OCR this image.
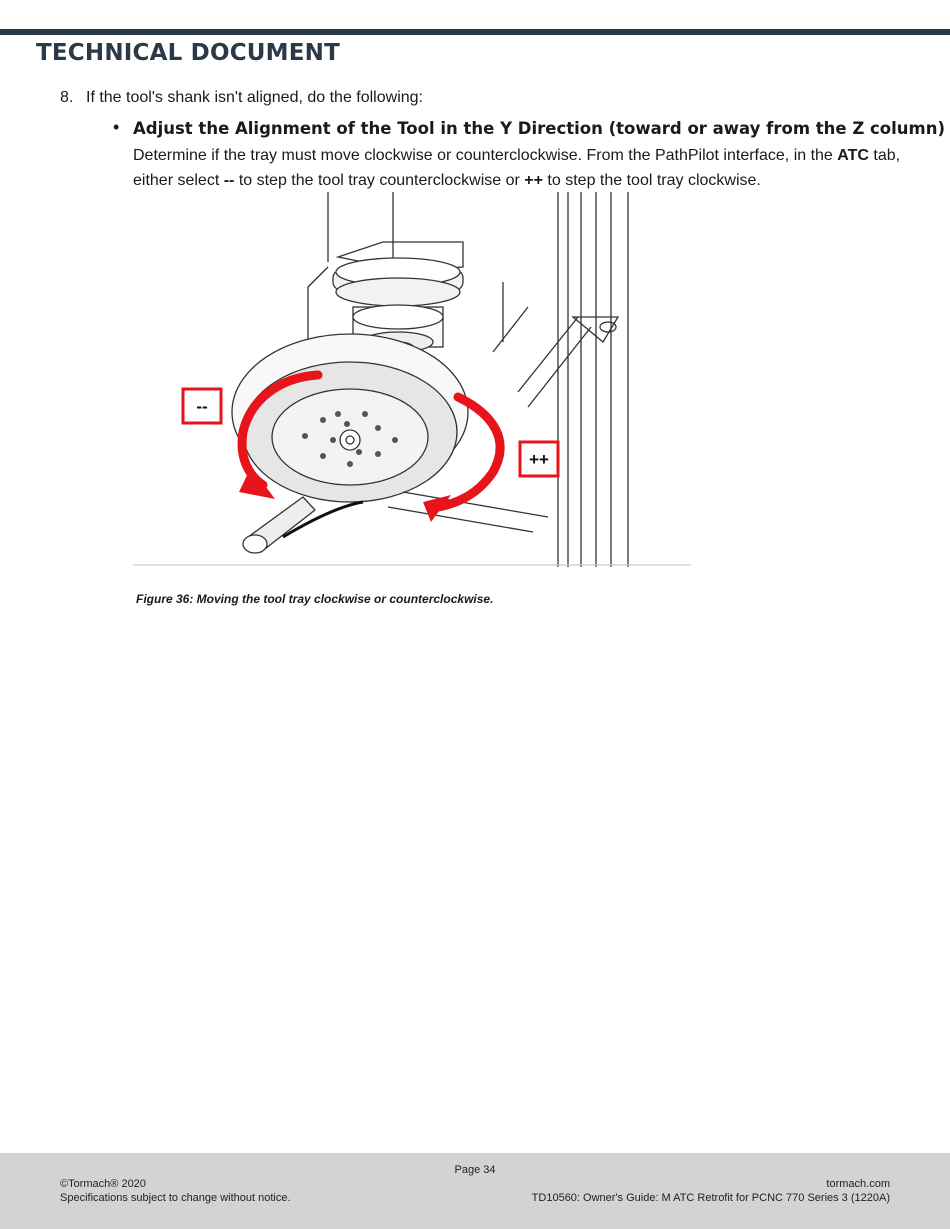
TECHNICAL DOCUMENT
8. If the tool's shank isn't aligned, do the following:
• Adjust the Alignment of the Tool in the Y Direction (toward or away from the Z column)
Determine if the tray must move clockwise or counterclockwise. From the PathPilot interface, in the ATC tab, either select -- to step the tool tray counterclockwise or ++ to step the tool tray clockwise.
--
++
Figure 36: Moving the tool tray clockwise or counterclockwise.
Page 34
©Tormach® 2020
Specifications subject to change without notice.
tormach.com
TD10560: Owner's Guide: M ATC Retrofit for PCNC 770 Series 3 (1220A)
